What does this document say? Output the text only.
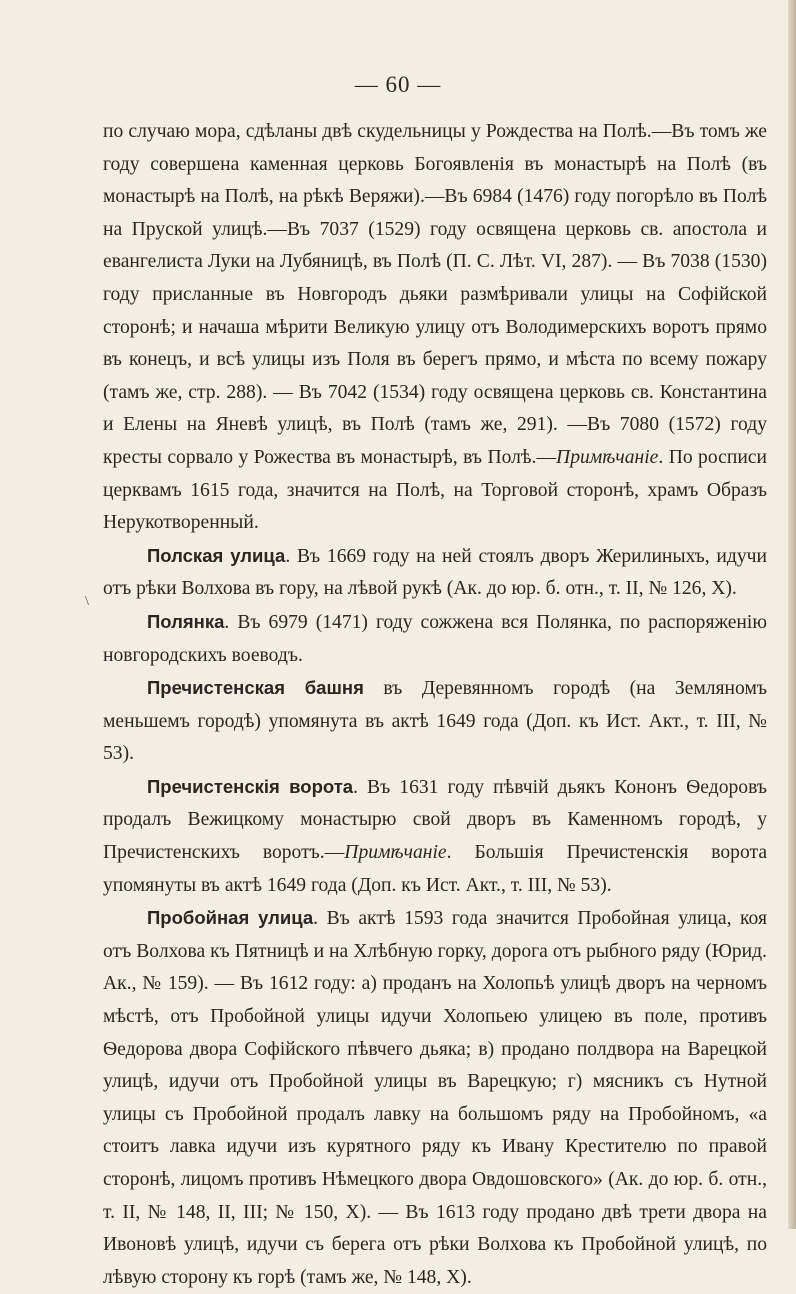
— 60 —

по случаю мора, сдѣланы двѣ скудельницы у Рождества на Полѣ.—Въ томъ же году совершена каменная церковь Богоявленія въ монастырѣ на Полѣ (въ монастырѣ на Полѣ, на рѣкѣ Веряжи).—Въ 6984 (1476) году погорѣло въ Полѣ на Пруской улицѣ.—Въ 7037 (1529) году освящена церковь св. апостола и евангелиста Луки на Лубяницѣ, въ Полѣ (П. С. Лѣт. VI, 287). — Въ 7038 (1530) году присланные въ Новгородъ дьяки размѣривали улицы на Софійской сторонѣ; и начаша мѣрити Великую улицу отъ Володимерскихъ воротъ прямо въ конецъ, и всѣ улицы изъ Поля въ берегъ прямо, и мѣста по всему пожару (тамъ же, стр. 288). — Въ 7042 (1534) году освящена церковь св. Константина и Елены на Яневѣ улицѣ, въ Полѣ (тамъ же, 291). —Въ 7080 (1572) году кресты сорвало у Рожества въ монастырѣ, въ Полѣ.—Примѣчаніе. По росписи церквамъ 1615 года, значится на Полѣ, на Торговой сторонѣ, храмъ Образъ Нерукотворенный.

Полская улица. Въ 1669 году на ней стоялъ дворъ Жерилиныхъ, идучи отъ рѣки Волхова въ гору, на лѣвой рукѣ (Ак. до юр. б. отн., т. II, № 126, X).

Полянка. Въ 6979 (1471) году сожжена вся Полянка, по распоряженію новгородскихъ воеводъ.

Пречистенская башня въ Деревянномъ городѣ (на Земляномъ меньшемъ городѣ) упомянута въ актѣ 1649 года (Доп. къ Ист. Акт., т. III, № 53).

Пречистенскія ворота. Въ 1631 году пѣвчій дьякъ Кононъ Ѳедоровъ продалъ Вежицкому монастырю свой дворъ въ Каменномъ городѣ, у Пречистенскихъ воротъ.—Примѣчаніе. Большія Пречистенскія ворота упомянуты въ актѣ 1649 года (Доп. къ Ист. Акт., т. III, № 53).

Пробойная улица. Въ актѣ 1593 года значится Пробойная улица, коя отъ Волхова къ Пятницѣ и на Хлѣбную горку, дорога отъ рыбного ряду (Юрид. Ак., № 159). — Въ 1612 году: а) проданъ на Холопьѣ улицѣ дворъ на черномъ мѣстѣ, отъ Пробойной улицы идучи Холопьею улицею въ поле, противъ Ѳедорова двора Софійского пѣвчего дьяка; в) продано полдвора на Варецкой улицѣ, идучи отъ Пробойной улицы въ Варецкую; г) мясникъ съ Нутной улицы съ Пробойной продалъ лавку на большомъ ряду на Пробойномъ, «а стоитъ лавка идучи изъ курятного ряду къ Ивану Крестителю по правой сторонѣ, лицомъ противъ Нѣмецкого двора Овдошовского» (Ак. до юр. б. отн., т. II, № 148, II, III; № 150, X). — Въ 1613 году продано двѣ трети двора на Ивоновѣ улицѣ, идучи съ берега отъ рѣки Волхова къ Пробойной улицѣ, по лѣвую сторону къ горѣ (тамъ же, № 148, X).

\
